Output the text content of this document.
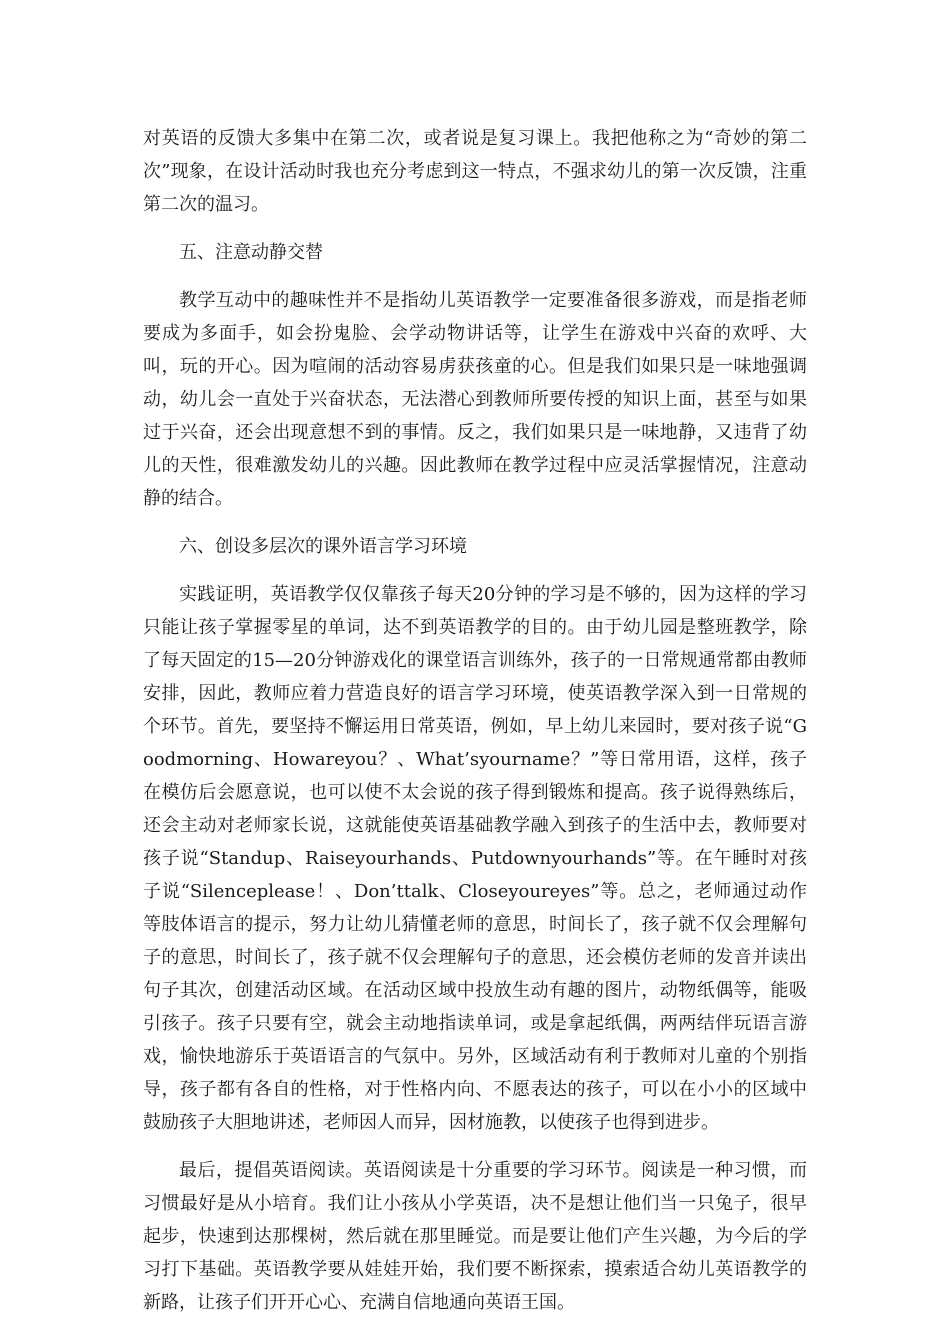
对英语的反馈大多集中在第二次，或者说是复习课上。我把他称之为“奇妙的第二次”现象，在设计活动时我也充分考虑到这一特点，不强求幼儿的第一次反馈，注重第二次的温习。

五、注意动静交替

教学互动中的趣味性并不是指幼儿英语教学一定要准备很多游戏，而是指老师要成为多面手，如会扮鬼脸、会学动物讲话等，让学生在游戏中兴奋的欢呼、大叫，玩的开心。因为喧闹的活动容易虏获孩童的心。但是我们如果只是一味地强调动，幼儿会一直处于兴奋状态，无法潜心到教师所要传授的知识上面，甚至与如果过于兴奋，还会出现意想不到的事情。反之，我们如果只是一味地静，又违背了幼儿的天性，很难激发幼儿的兴趣。因此教师在教学过程中应灵活掌握情况，注意动静的结合。

六、创设多层次的课外语言学习环境

实践证明，英语教学仅仅靠孩子每天20分钟的学习是不够的，因为这样的学习只能让孩子掌握零星的单词，达不到英语教学的目的。由于幼儿园是整班教学，除了每天固定的15—20分钟游戏化的课堂语言训练外，孩子的一日常规通常都由教师安排，因此，教师应着力营造良好的语言学习环境，使英语教学深入到一日常规的个环节。首先，要坚持不懈运用日常英语，例如，早上幼儿来园时，要对孩子说“Goodmorning、Howareyou？、What’syourname？”等日常用语，这样，孩子在模仿后会愿意说，也可以使不太会说的孩子得到锻炼和提高。孩子说得熟练后，还会主动对老师家长说，这就能使英语基础教学融入到孩子的生活中去，教师要对孩子说“Standup、Raiseyourhands、Putdownyourhands”等。在午睡时对孩子说“Silenceplease！、Don’ttalk、Closeyoureyes”等。总之，老师通过动作等肢体语言的提示，努力让幼儿猜懂老师的意思，时间长了，孩子就不仅会理解句子的意思，时间长了，孩子就不仅会理解句子的意思，还会模仿老师的发音并读出句子其次，创建活动区域。在活动区域中投放生动有趣的图片，动物纸偶等，能吸引孩子。孩子只要有空，就会主动地指读单词，或是拿起纸偶，两两结伴玩语言游戏，愉快地游乐于英语语言的气氛中。另外，区域活动有利于教师对儿童的个别指导，孩子都有各自的性格，对于性格内向、不愿表达的孩子，可以在小小的区域中鼓励孩子大胆地讲述，老师因人而异，因材施教，以使孩子也得到进步。

最后，提倡英语阅读。英语阅读是十分重要的学习环节。阅读是一种习惯，而习惯最好是从小培育。我们让小孩从小学英语，决不是想让他们当一只兔子，很早起步，快速到达那棵树，然后就在那里睡觉。而是要让他们产生兴趣，为今后的学习打下基础。英语教学要从娃娃开始，我们要不断探索，摸索适合幼儿英语教学的新路，让孩子们开开心心、充满自信地通向英语王国。
